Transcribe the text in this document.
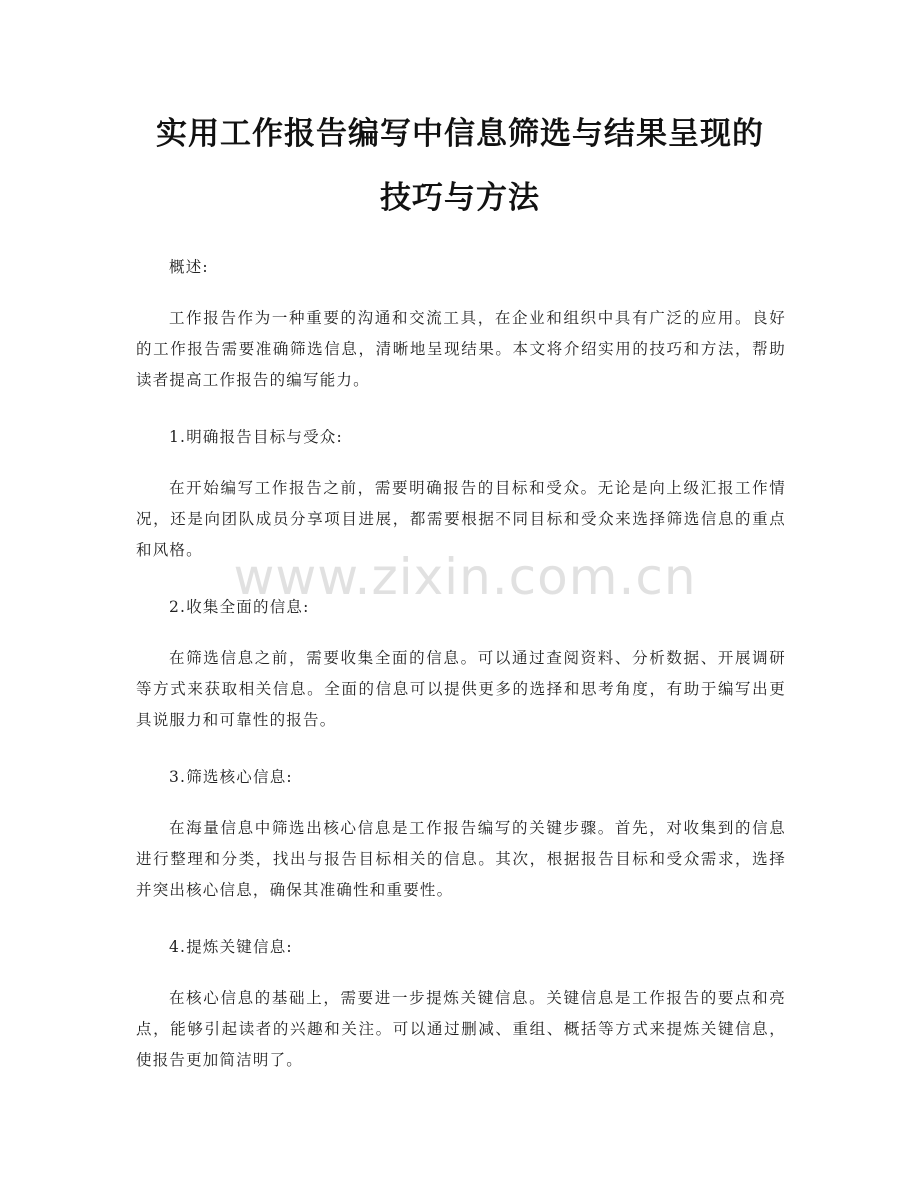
实用工作报告编写中信息筛选与结果呈现的
技巧与方法

概述:

工作报告作为一种重要的沟通和交流工具，在企业和组织中具有广泛的应用。良好的工作报告需要准确筛选信息，清晰地呈现结果。本文将介绍实用的技巧和方法，帮助读者提高工作报告的编写能力。

1.明确报告目标与受众:

在开始编写工作报告之前，需要明确报告的目标和受众。无论是向上级汇报工作情况，还是向团队成员分享项目进展，都需要根据不同目标和受众来选择筛选信息的重点和风格。

2.收集全面的信息:

在筛选信息之前，需要收集全面的信息。可以通过查阅资料、分析数据、开展调研等方式来获取相关信息。全面的信息可以提供更多的选择和思考角度，有助于编写出更具说服力和可靠性的报告。

3.筛选核心信息:

在海量信息中筛选出核心信息是工作报告编写的关键步骤。首先，对收集到的信息进行整理和分类，找出与报告目标相关的信息。其次，根据报告目标和受众需求，选择并突出核心信息，确保其准确性和重要性。

4.提炼关键信息:

在核心信息的基础上，需要进一步提炼关键信息。关键信息是工作报告的要点和亮点，能够引起读者的兴趣和关注。可以通过删减、重组、概括等方式来提炼关键信息，使报告更加简洁明了。

www.zixin.com.cn
